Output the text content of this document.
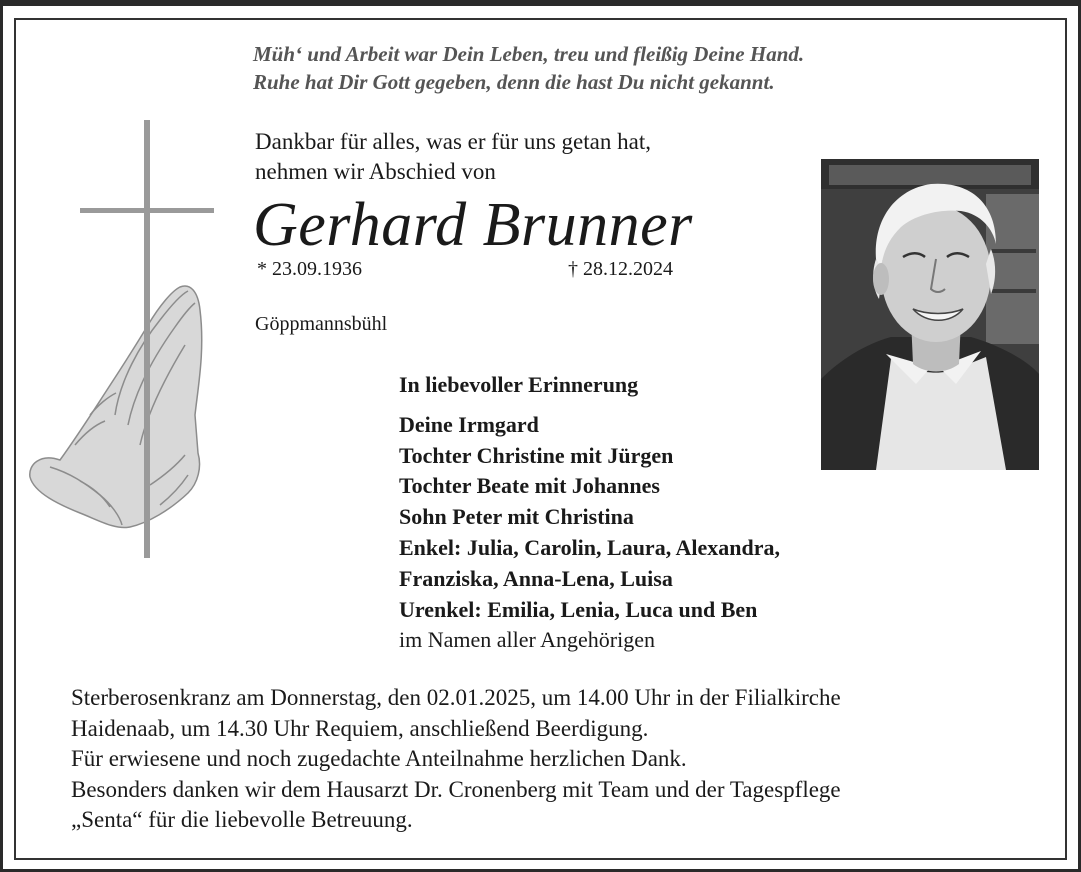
Müh‘ und Arbeit war Dein Leben, treu und fleißig Deine Hand.
Ruhe hat Dir Gott gegeben, denn die hast Du nicht gekannt.
Dankbar für alles, was er für uns getan hat,
nehmen wir Abschied von
Gerhard Brunner
* 23.09.1936	† 28.12.2024
Göppmannsbühl
In liebevoller Erinnerung
Deine Irmgard
Tochter Christine mit Jürgen
Tochter Beate mit Johannes
Sohn Peter mit Christina
Enkel: Julia, Carolin, Laura, Alexandra,
Franziska, Anna-Lena, Luisa
Urenkel: Emilia, Lenia, Luca und Ben
im Namen aller Angehörigen
Sterberosenkranz am Donnerstag, den 02.01.2025, um 14.00 Uhr in der Filialkirche
Haidenaab, um 14.30 Uhr Requiem, anschließend Beerdigung.
Für erwiesene und noch zugedachte Anteilnahme herzlichen Dank.
Besonders danken wir dem Hausarzt Dr. Cronenberg mit Team und der Tagespflege
„Senta“ für die liebevolle Betreuung.
